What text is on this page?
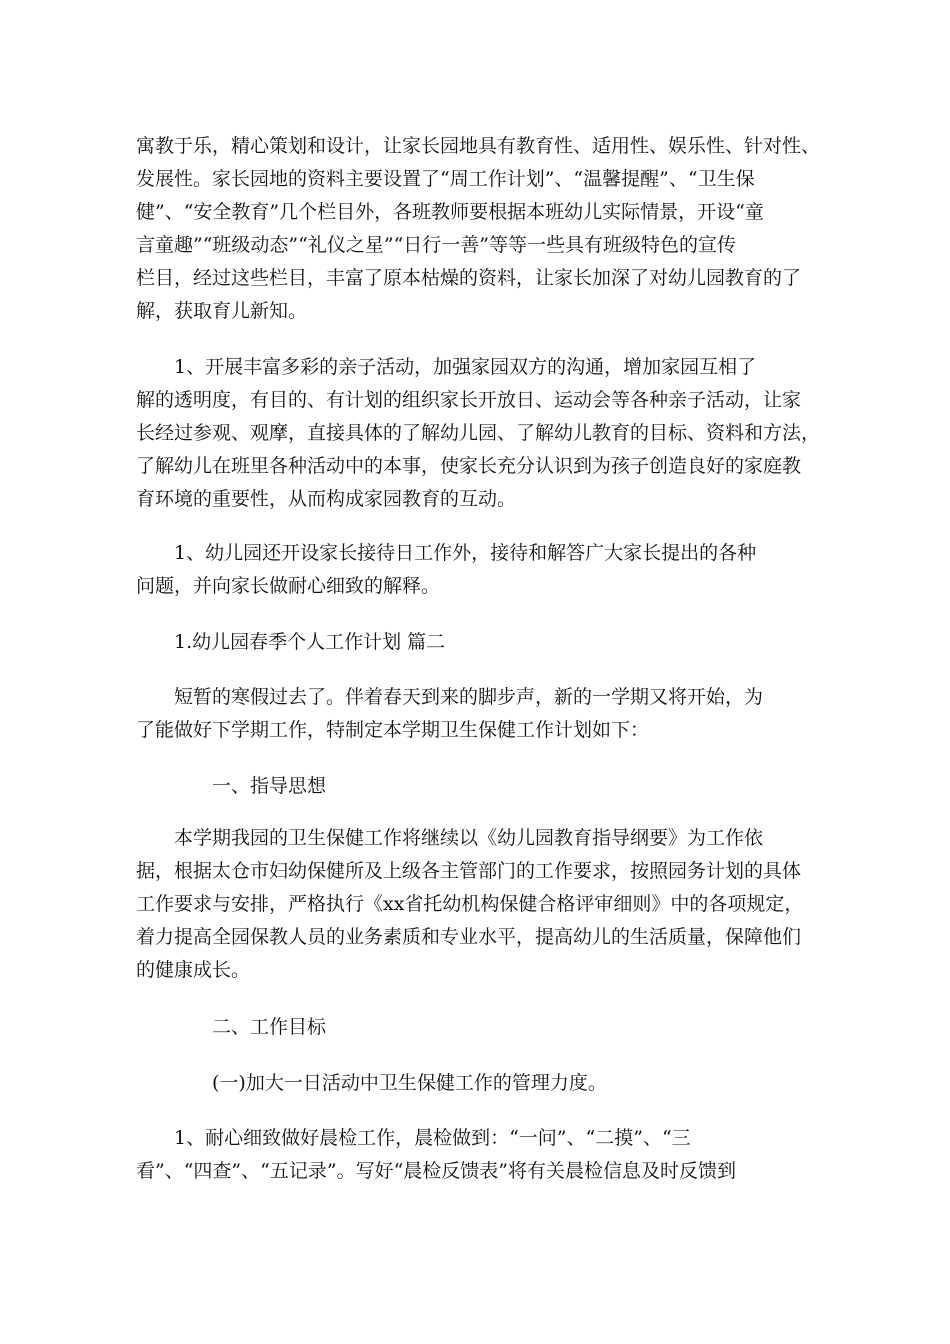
寓教于乐，精心策划和设计，让家长园地具有教育性、适用性、娱乐性、针对性、
发展性。家长园地的资料主要设置了“周工作计划”、“温馨提醒”、“卫生保
健”、“安全教育”几个栏目外，各班教师要根据本班幼儿实际情景，开设“童
言童趣”“班级动态”“礼仪之星”“日行一善”等等一些具有班级特色的宣传
栏目，经过这些栏目，丰富了原本枯燥的资料，让家长加深了对幼儿园教育的了
解，获取育儿新知。
1、开展丰富多彩的亲子活动，加强家园双方的沟通，增加家园互相了
解的透明度，有目的、有计划的组织家长开放日、运动会等各种亲子活动，让家
长经过参观、观摩，直接具体的了解幼儿园、了解幼儿教育的目标、资料和方法，
了解幼儿在班里各种活动中的本事，使家长充分认识到为孩子创造良好的家庭教
育环境的重要性，从而构成家园教育的互动。
1、幼儿园还开设家长接待日工作外，接待和解答广大家长提出的各种
问题，并向家长做耐心细致的解释。
1.幼儿园春季个人工作计划 篇二
短暂的寒假过去了。伴着春天到来的脚步声，新的一学期又将开始，为
了能做好下学期工作，特制定本学期卫生保健工作计划如下：
一、指导思想
本学期我园的卫生保健工作将继续以《幼儿园教育指导纲要》为工作依
据，根据太仓市妇幼保健所及上级各主管部门的工作要求，按照园务计划的具体
工作要求与安排，严格执行《xx省托幼机构保健合格评审细则》中的各项规定，
着力提高全园保教人员的业务素质和专业水平，提高幼儿的生活质量，保障他们
的健康成长。
二、工作目标
(一)加大一日活动中卫生保健工作的管理力度。
1、耐心细致做好晨检工作，晨检做到：“一问”、“二摸”、“三
看”、“四查”、“五记录”。写好“晨检反馈表”将有关晨检信息及时反馈到
